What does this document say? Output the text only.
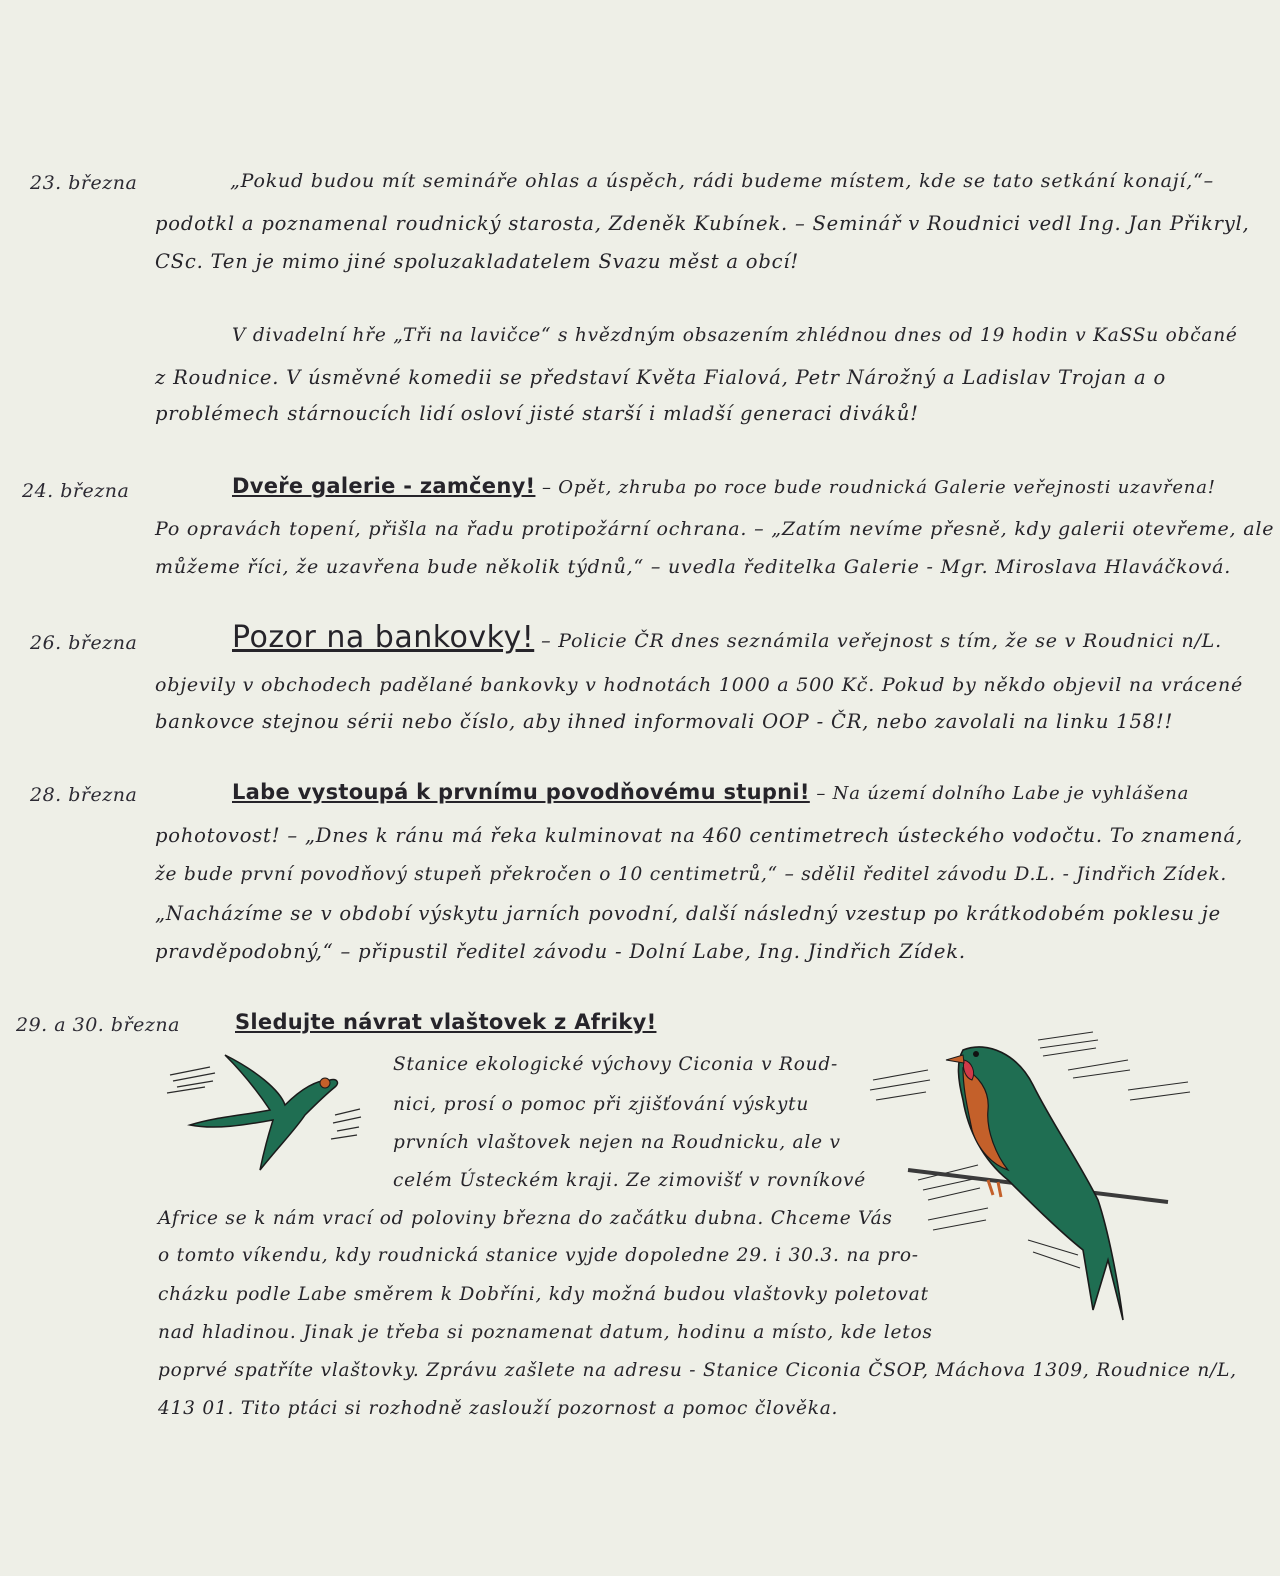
23. března	„Pokud budou mít semináře ohlas a úspěch, rádi budeme místem, kde se tato setkání konají,“–
podotkl a poznamenal roudnický starosta, Zdeněk Kubínek. – Seminář v Roudnici vedl Ing. Jan Přikryl,
CSc. Ten je mimo jiné spoluzakladatelem Svazu měst a obcí!
V divadelní hře „Tři na lavičce“ s hvězdným obsazením zhlédnou dnes od 19 hodin v KaSSu občané
z Roudnice. V úsměvné komedii se představí Květa Fialová, Petr Nárožný a Ladislav Trojan a o
problémech stárnoucích lidí osloví jisté starší i mladší generaci diváků!
24. března	Dveře galerie - zamčeny! – Opět, zhruba po roce bude roudnická Galerie veřejnosti uzavřena!
Po opravách topení, přišla na řadu protipožární ochrana. – „Zatím nevíme přesně, kdy galerii otevřeme, ale
můžeme říci, že uzavřena bude několik týdnů,“ – uvedla ředitelka Galerie - Mgr. Miroslava Hlaváčková.
26. března	Pozor na bankovky! – Policie ČR dnes seznámila veřejnost s tím, že se v Roudnici n/L.
objevily v obchodech padělané bankovky v hodnotách 1000 a 500 Kč. Pokud by někdo objevil na vrácené
bankovce stejnou sérii nebo číslo, aby ihned informovali OOP - ČR, nebo zavolali na linku 158!!
28. března	Labe vystoupá k prvnímu povodňovému stupni! – Na území dolního Labe je vyhlášena
pohotovost! – „Dnes k ránu má řeka kulminovat na 460 centimetrech ústeckého vodočtu. To znamená,
že bude první povodňový stupeň překročen o 10 centimetrů,“ – sdělil ředitel závodu D.L. - Jindřich Zídek.
„Nacházíme se v období výskytu jarních povodní, další následný vzestup po krátkodobém poklesu je
pravděpodobný,“ – připustil ředitel závodu - Dolní Labe, Ing. Jindřich Zídek.
29. a 30. března	Sledujte návrat vlaštovek z Afriky!
Stanice ekologické výchovy Ciconia v Roud-
nici, prosí o pomoc při zjišťování výskytu
prvních vlaštovek nejen na Roudnicku, ale v
celém Ústeckém kraji. Ze zimovišť v rovníkové
Africe se k nám vrací od poloviny března do začátku dubna. Chceme Vás
o tomto víkendu, kdy roudnická stanice vyjde dopoledne 29. i 30.3. na pro-
cházku podle Labe směrem k Dobříni, kdy možná budou vlaštovky poletovat
nad hladinou. Jinak je třeba si poznamenat datum, hodinu a místo, kde letos
poprvé spatříte vlaštovky. Zprávu zašlete na adresu - Stanice Ciconia ČSOP, Máchova 1309, Roudnice n/L,
413 01. Tito ptáci si rozhodně zaslouží pozornost a pomoc člověka.
